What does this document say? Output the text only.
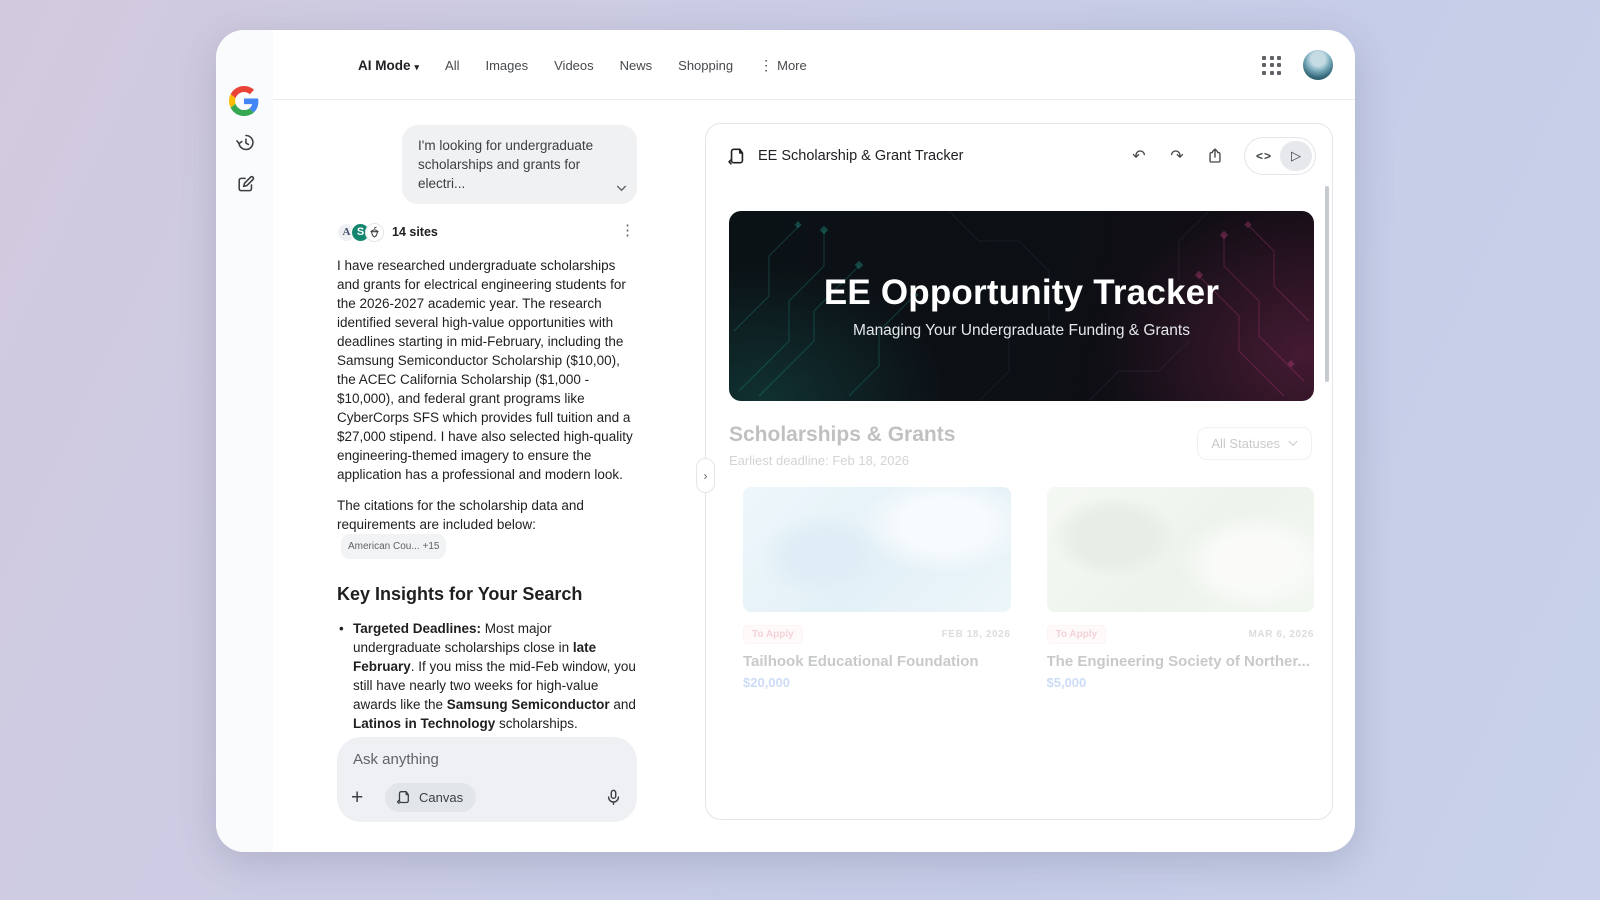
AI Mode ▾ All Images Videos News Shopping ⋮ More
I'm looking for undergraduate scholarships and grants for electri...
A S	14 sites	⋮

I have researched undergraduate scholarships and grants for electrical engineering students for the 2026-2027 academic year. The research identified several high-value opportunities with deadlines starting in mid-February, including the Samsung Semiconductor Scholarship ($10,00), the ACEC California Scholarship ($1,000 - $10,000), and federal grant programs like CyberCorps SFS which provides full tuition and a $27,000 stipend. I have also selected high-quality engineering-themed imagery to ensure the application has a professional and modern look.

The citations for the scholarship data and requirements are included below:American Cou... +15

Key Insights for Your Search
• Targeted Deadlines: Most major undergraduate scholarships close in late February. If you miss the mid-Feb window, you still have nearly two weeks for high-value awards like the Samsung Semiconductor and Latinos in Technology scholarships.
Ask anything
+	Canvas
EE Scholarship & Grant Tracker	↶	↷	<>	▷
EE Opportunity Tracker
Managing Your Undergraduate Funding & Grants
Scholarships & Grants
Earliest deadline: Feb 18, 2026
All Statuses
To Apply	FEB 18, 2026
Tailhook Educational Foundation
$20,000
To Apply	MAR 6, 2026
The Engineering Society of Norther...
$5,000
›
